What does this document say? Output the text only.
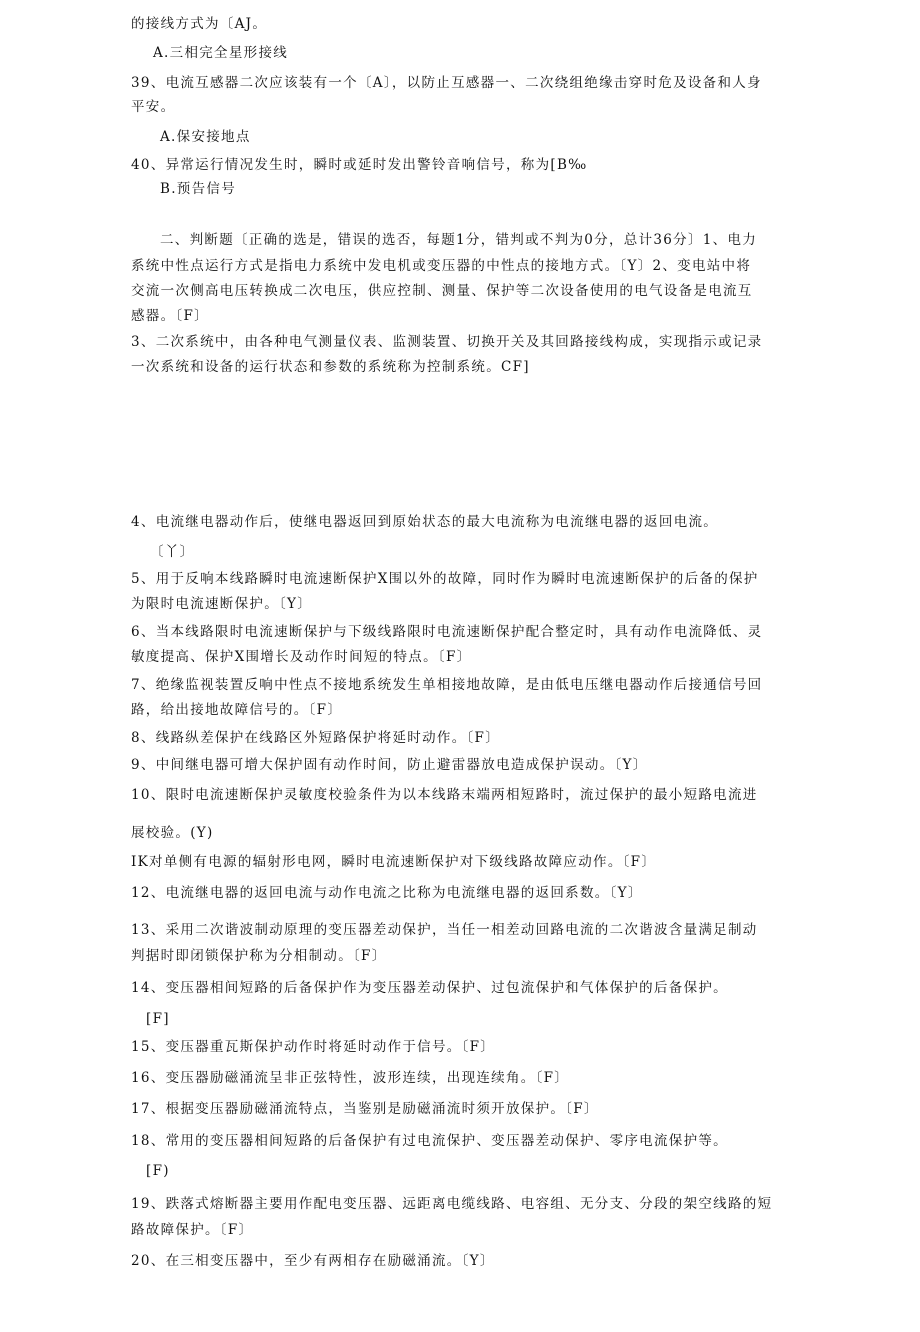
的接线方式为〔AJ。

A.三相完全星形接线

39、电流互感器二次应该装有一个〔A〕，以防止互感器一、二次绕组绝缘击穿时危及设备和人身

平安。

A.保安接地点

40、异常运行情况发生时，瞬时或延时发出警铃音响信号，称为[B‰

B.预告信号

二、判断题〔正确的选是，错误的选否，每题1分，错判或不判为0分，总计36分〕1、电力

系统中性点运行方式是指电力系统中发电机或变压器的中性点的接地方式。〔Y〕2、变电站中将

交流一次侧高电压转换成二次电压，供应控制、测量、保护等二次设备使用的电气设备是电流互

感器。〔F〕

3、二次系统中，由各种电气测量仪表、监测装置、切换开关及其回路接线构成，实现指示或记录

一次系统和设备的运行状态和参数的系统称为控制系统。CF]

4、电流继电器动作后，使继电器返回到原始状态的最大电流称为电流继电器的返回电流。

〔丫〕

5、用于反响本线路瞬时电流速断保护X围以外的故障，同时作为瞬时电流速断保护的后备的保护

为限时电流速断保护。〔Y〕

6、当本线路限时电流速断保护与下级线路限时电流速断保护配合整定时，具有动作电流降低、灵

敏度提高、保护X围增长及动作时间短的特点。〔F〕

7、绝缘监视装置反响中性点不接地系统发生单相接地故障，是由低电压继电器动作后接通信号回

路，给出接地故障信号的。〔F〕

8、线路纵差保护在线路区外短路保护将延时动作。〔F〕

9、中间继电器可增大保护固有动作时间，防止避雷器放电造成保护误动。〔Y〕

10、限时电流速断保护灵敏度校验条件为以本线路末端两相短路时，流过保护的最小短路电流进

展校验。(Y)

IK对单侧有电源的辐射形电网，瞬时电流速断保护对下级线路故障应动作。〔F〕

12、电流继电器的返回电流与动作电流之比称为电流继电器的返回系数。〔Y〕

13、采用二次谐波制动原理的变压器差动保护，当任一相差动回路电流的二次谐波含量满足制动

判据时即闭锁保护称为分相制动。〔F〕

14、变压器相间短路的后备保护作为变压器差动保护、过包流保护和气体保护的后备保护。

[F]

15、变压器重瓦斯保护动作时将延时动作于信号。〔F〕

16、变压器励磁涌流呈非正弦特性，波形连续，出现连续角。〔F〕

17、根据变压器励磁涌流特点，当鉴别是励磁涌流时须开放保护。〔F〕

18、常用的变压器相间短路的后备保护有过电流保护、变压器差动保护、零序电流保护等。

[F)

19、跌落式熔断器主要用作配电变压器、远距离电缆线路、电容组、无分支、分段的架空线路的短

路故障保护。〔F〕

20、在三相变压器中，至少有两相存在励磁涌流。〔Y〕
